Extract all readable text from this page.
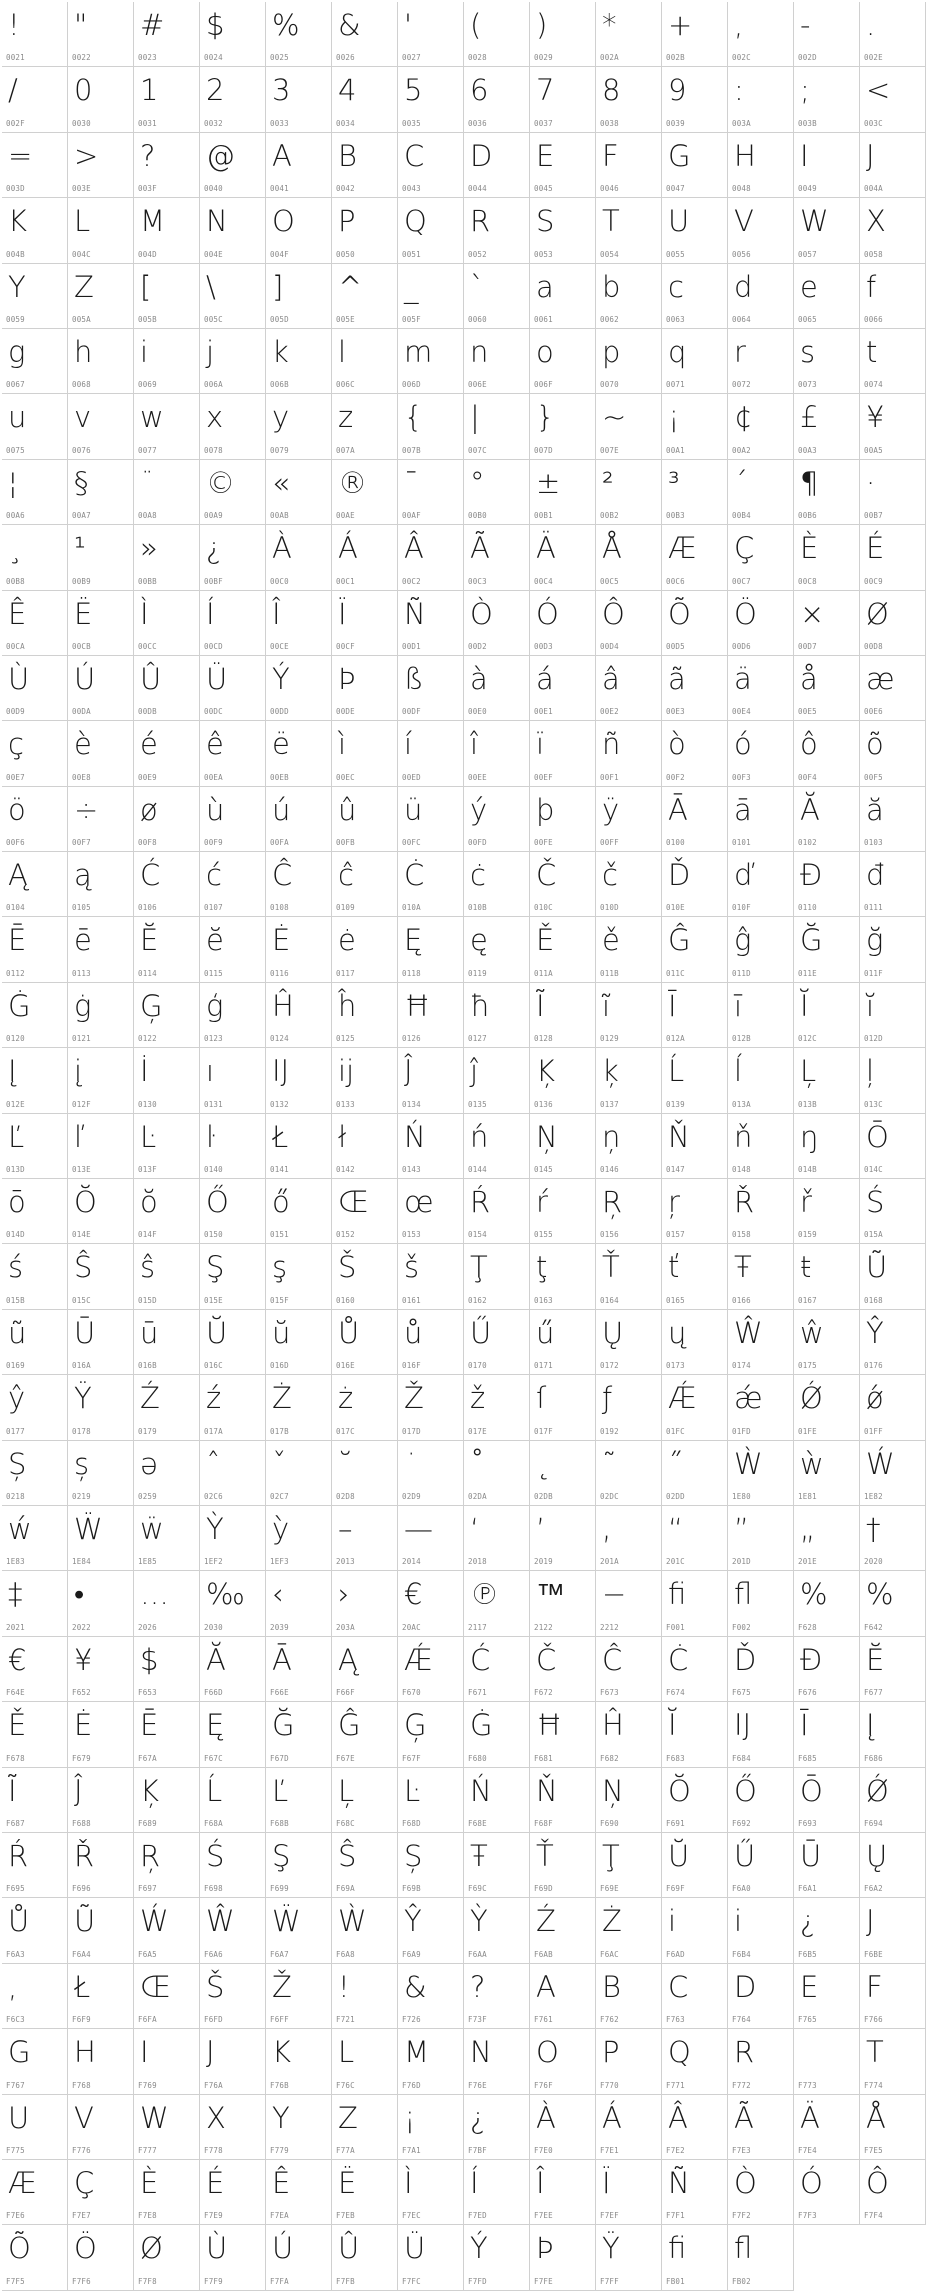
!
0021
"
0022
#
0023
$
0024
%
0025
&
0026
'
0027
(
0028
)
0029
*
002A
+
002B
,
002C
-
002D
.
002E
/
002F
0
0030
1
0031
2
0032
3
0033
4
0034
5
0035
6
0036
7
0037
8
0038
9
0039
:
003A
;
003B
<
003C
=
003D
>
003E
?
003F
@
0040
A
0041
B
0042
C
0043
D
0044
E
0045
F
0046
G
0047
H
0048
I
0049
J
004A
K
004B
L
004C
M
004D
N
004E
O
004F
P
0050
Q
0051
R
0052
S
0053
T
0054
U
0055
V
0056
W
0057
X
0058
Y
0059
Z
005A
[
005B
\
005C
]
005D
^
005E
_
005F
`
0060
a
0061
b
0062
c
0063
d
0064
e
0065
f
0066
g
0067
h
0068
i
0069
j
006A
k
006B
l
006C
m
006D
n
006E
o
006F
p
0070
q
0071
r
0072
s
0073
t
0074
u
0075
v
0076
w
0077
x
0078
y
0079
z
007A
{
007B
|
007C
}
007D
~
007E
¡
00A1
¢
00A2
£
00A3
¥
00A5
¦
00A6
§
00A7
¨
00A8
©
00A9
«
00AB
®
00AE
¯
00AF
°
00B0
±
00B1
²
00B2
³
00B3
´
00B4
¶
00B6
·
00B7
¸
00B8
¹
00B9
»
00BB
¿
00BF
À
00C0
Á
00C1
Â
00C2
Ã
00C3
Ä
00C4
Å
00C5
Æ
00C6
Ç
00C7
È
00C8
É
00C9
Ê
00CA
Ë
00CB
Ì
00CC
Í
00CD
Î
00CE
Ï
00CF
Ñ
00D1
Ò
00D2
Ó
00D3
Ô
00D4
Õ
00D5
Ö
00D6
×
00D7
Ø
00D8
Ù
00D9
Ú
00DA
Û
00DB
Ü
00DC
Ý
00DD
Þ
00DE
ß
00DF
à
00E0
á
00E1
â
00E2
ã
00E3
ä
00E4
å
00E5
æ
00E6
ç
00E7
è
00E8
é
00E9
ê
00EA
ë
00EB
ì
00EC
í
00ED
î
00EE
ï
00EF
ñ
00F1
ò
00F2
ó
00F3
ô
00F4
õ
00F5
ö
00F6
÷
00F7
ø
00F8
ù
00F9
ú
00FA
û
00FB
ü
00FC
ý
00FD
þ
00FE
ÿ
00FF
Ā
0100
ā
0101
Ă
0102
ă
0103
Ą
0104
ą
0105
Ć
0106
ć
0107
Ĉ
0108
ĉ
0109
Ċ
010A
ċ
010B
Č
010C
č
010D
Ď
010E
ď
010F
Đ
0110
đ
0111
Ē
0112
ē
0113
Ĕ
0114
ĕ
0115
Ė
0116
ė
0117
Ę
0118
ę
0119
Ě
011A
ě
011B
Ĝ
011C
ĝ
011D
Ğ
011E
ğ
011F
Ġ
0120
ġ
0121
Ģ
0122
ģ
0123
Ĥ
0124
ĥ
0125
Ħ
0126
ħ
0127
Ĩ
0128
ĩ
0129
Ī
012A
ī
012B
Ĭ
012C
ĭ
012D
Į
012E
į
012F
İ
0130
ı
0131
Ĳ
0132
ĳ
0133
Ĵ
0134
ĵ
0135
Ķ
0136
ķ
0137
Ĺ
0139
ĺ
013A
Ļ
013B
ļ
013C
Ľ
013D
ľ
013E
Ŀ
013F
ŀ
0140
Ł
0141
ł
0142
Ń
0143
ń
0144
Ņ
0145
ņ
0146
Ň
0147
ň
0148
ŋ
014B
Ō
014C
ō
014D
Ŏ
014E
ŏ
014F
Ő
0150
ő
0151
Œ
0152
œ
0153
Ŕ
0154
ŕ
0155
Ŗ
0156
ŗ
0157
Ř
0158
ř
0159
Ś
015A
ś
015B
Ŝ
015C
ŝ
015D
Ş
015E
ş
015F
Š
0160
š
0161
Ţ
0162
ţ
0163
Ť
0164
ť
0165
Ŧ
0166
ŧ
0167
Ũ
0168
ũ
0169
Ū
016A
ū
016B
Ŭ
016C
ŭ
016D
Ů
016E
ů
016F
Ű
0170
ű
0171
Ų
0172
ų
0173
Ŵ
0174
ŵ
0175
Ŷ
0176
ŷ
0177
Ÿ
0178
Ź
0179
ź
017A
Ż
017B
ż
017C
Ž
017D
ž
017E
ſ
017F
ƒ
0192
Ǽ
01FC
ǽ
01FD
Ǿ
01FE
ǿ
01FF
Ș
0218
ș
0219
ə
0259
ˆ
02C6
ˇ
02C7
˘
02D8
˙
02D9
˚
02DA
˛
02DB
˜
02DC
˝
02DD
Ẁ
1E80
ẁ
1E81
Ẃ
1E82
ẃ
1E83
Ẅ
1E84
ẅ
1E85
Ỳ
1EF2
ỳ
1EF3
–
2013
—
2014
‘
2018
’
2019
‚
201A
“
201C
”
201D
„
201E
†
2020
‡
2021
•
2022
…
2026
‰
2030
‹
2039
›
203A
€
20AC
℗
2117
™
2122
−
2212
ﬁ
F001
ﬂ
F002
%
F628
%
F642
€
F64E
¥
F652
$
F653
Ă
F66D
Ā
F66E
Ą
F66F
Ǽ
F670
Ć
F671
Č
F672
Ĉ
F673
Ċ
F674
Ď
F675
Đ
F676
Ĕ
F677
Ě
F678
Ė
F679
Ē
F67A
Ę
F67C
Ğ
F67D
Ĝ
F67E
Ģ
F67F
Ġ
F680
Ħ
F681
Ĥ
F682
Ĭ
F683
Ĳ
F684
Ī
F685
Į
F686
Ĩ
F687
Ĵ
F688
Ķ
F689
Ĺ
F68A
Ľ
F68B
Ļ
F68C
Ŀ
F68D
Ń
F68E
Ň
F68F
Ņ
F690
Ŏ
F691
Ő
F692
Ō
F693
Ǿ
F694
Ŕ
F695
Ř
F696
Ŗ
F697
Ś
F698
Ş
F699
Ŝ
F69A
Ș
F69B
Ŧ
F69C
Ť
F69D
Ţ
F69E
Ŭ
F69F
Ű
F6A0
Ū
F6A1
Ų
F6A2
Ů
F6A3
Ũ
F6A4
Ẃ
F6A5
Ŵ
F6A6
Ẅ
F6A7
Ẁ
F6A8
Ŷ
F6A9
Ỳ
F6AA
Ź
F6AB
Ż
F6AC
i
F6AD
i
F6B4
¿
F6B5
J
F6BE
,
F6C3
Ł
F6F9
Œ
F6FA
Š
F6FD
Ž
F6FF
!
F721
&
F726
?
F73F
A
F761
B
F762
C
F763
D
F764
E
F765
F
F766
G
F767
H
F768
I
F769
J
F76A
K
F76B
L
F76C
M
F76D
N
F76E
O
F76F
P
F770
Q
F771
R
F772	F773
T
F774
U
F775
V
F776
W
F777
X
F778
Y
F779
Z
F77A
¡
F7A1
¿
F7BF
À
F7E0
Á
F7E1
Â
F7E2
Ã
F7E3
Ä
F7E4
Å
F7E5
Æ
F7E6
Ç
F7E7
È
F7E8
É
F7E9
Ê
F7EA
Ë
F7EB
Ì
F7EC
Í
F7ED
Î
F7EE
Ï
F7EF
Ñ
F7F1
Ò
F7F2
Ó
F7F3
Ô
F7F4
Õ
F7F5
Ö
F7F6
Ø
F7F8
Ù
F7F9
Ú
F7FA
Û
F7FB
Ü
F7FC
Ý
F7FD
Þ
F7FE
Ÿ
F7FF
ﬁ
FB01
ﬂ
FB02
